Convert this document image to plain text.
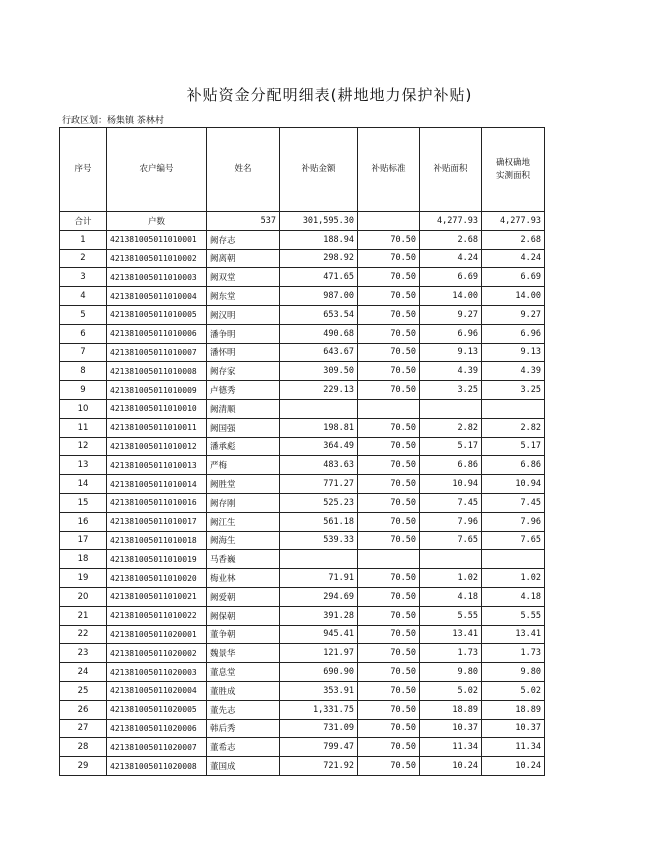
补贴资金分配明细表(耕地地力保护补贴)
行政区划：杨集镇 茶林村
序号	农户编号	姓名	补贴金额	补贴标准	补贴面积	确权确地
实测面积
合计	户数	537	301,595.30		4,277.93	4,277.93
1	421381005011010001	阙存志	188.94	70.50	2.68	2.68
2	421381005011010002	阙离朝	298.92	70.50	4.24	4.24
3	421381005011010003	阙双堂	471.65	70.50	6.69	6.69
4	421381005011010004	阙东堂	987.00	70.50	14.00	14.00
5	421381005011010005	阙汉明	653.54	70.50	9.27	9.27
6	421381005011010006	潘争明	490.68	70.50	6.96	6.96
7	421381005011010007	潘怀明	643.67	70.50	9.13	9.13
8	421381005011010008	阙存家	309.50	70.50	4.39	4.39
9	421381005011010009	卢德秀	229.13	70.50	3.25	3.25
10	421381005011010010	阙清顺				
11	421381005011010011	阙国强	198.81	70.50	2.82	2.82
12	421381005011010012	潘承彪	364.49	70.50	5.17	5.17
13	421381005011010013	严梅	483.63	70.50	6.86	6.86
14	421381005011010014	阙胜堂	771.27	70.50	10.94	10.94
15	421381005011010016	阙存刚	525.23	70.50	7.45	7.45
16	421381005011010017	阙江生	561.18	70.50	7.96	7.96
17	421381005011010018	阙海生	539.33	70.50	7.65	7.65
18	421381005011010019	马香巍				
19	421381005011010020	梅业林	71.91	70.50	1.02	1.02
20	421381005011010021	阙爱朝	294.69	70.50	4.18	4.18
21	421381005011010022	阙保朝	391.28	70.50	5.55	5.55
22	421381005011020001	董争朝	945.41	70.50	13.41	13.41
23	421381005011020002	魏景华	121.97	70.50	1.73	1.73
24	421381005011020003	董息堂	690.90	70.50	9.80	9.80
25	421381005011020004	董胜成	353.91	70.50	5.02	5.02
26	421381005011020005	董先志	1,331.75	70.50	18.89	18.89
27	421381005011020006	韩后秀	731.09	70.50	10.37	10.37
28	421381005011020007	董希志	799.47	70.50	11.34	11.34
29	421381005011020008	董国成	721.92	70.50	10.24	10.24
